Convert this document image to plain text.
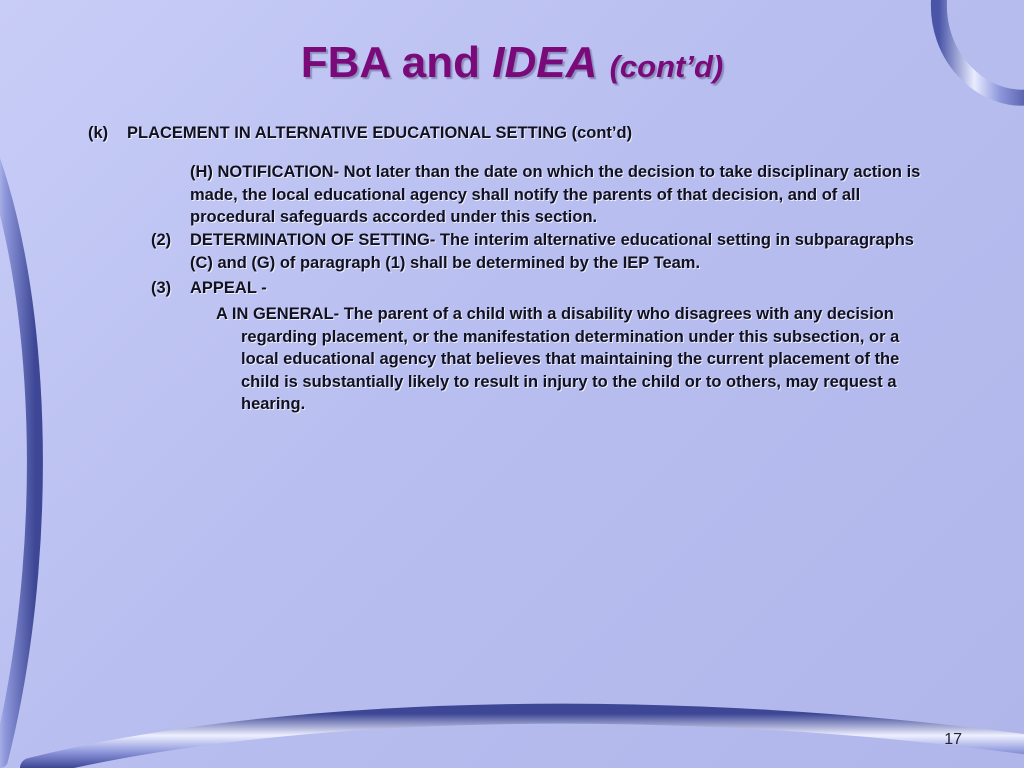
FBA and IDEA (cont’d)
(k) PLACEMENT IN ALTERNATIVE EDUCATIONAL SETTING (cont’d)
(H) NOTIFICATION- Not later than the date on which the decision to take disciplinary action is made, the local educational agency shall notify the parents of that decision, and of all procedural safeguards accorded under this section.
(2) DETERMINATION OF SETTING- The interim alternative educational setting in subparagraphs (C) and (G) of paragraph (1) shall be determined by the IEP Team.
(3) APPEAL -
A IN GENERAL- The parent of a child with a disability who disagrees with any decision regarding placement, or the manifestation determination under this subsection, or a local educational agency that believes that maintaining the current placement of the child is substantially likely to result in injury to the child or to others, may request a hearing.
17
